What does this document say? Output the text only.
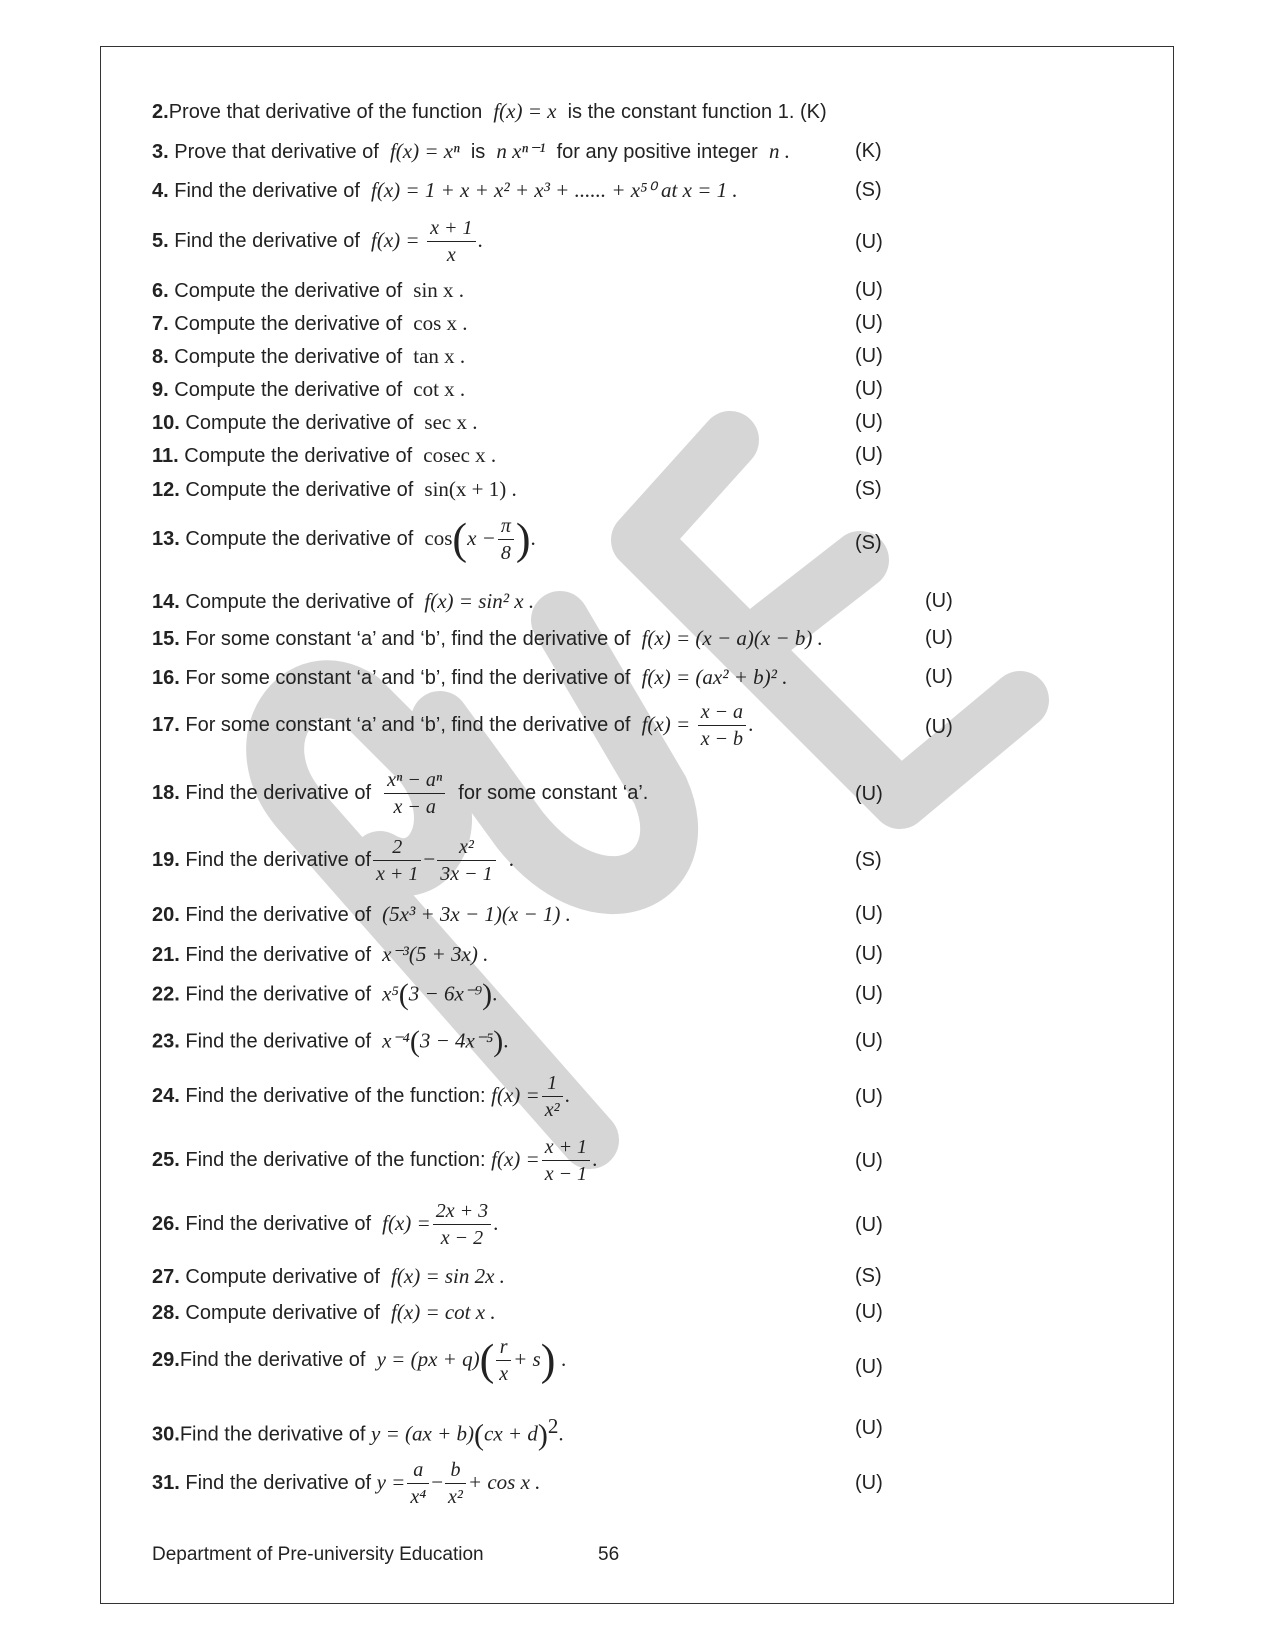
2.Prove that derivative of the function f(x) = x is the constant function 1. (K)
3. Prove that derivative of f(x) = xⁿ is n xⁿ⁻¹ for any positive integer n .	(K)
4. Find the derivative of f(x) = 1 + x + x² + x³ + ...... + x⁵⁰ at x = 1 .	(S)
5. Find the derivative of $f(x) = \frac{x + 1}{x}$ .	(U)
6. Compute the derivative of sin x .	(U)
7. Compute the derivative of cos x .	(U)
8. Compute the derivative of tan x .	(U)
9. Compute the derivative of cot x .	(U)
10. Compute the derivative of sec x .	(U)
11. Compute the derivative of cosec x .	(U)
12. Compute the derivative of sin(x + 1) .	(S)
13. Compute the derivative of $\cos(x - \frac{\pi}{8}$ ).	(S)
14. Compute the derivative of f(x) = sin² x .	(U)
15. For some constant ‘a’ and ‘b’, find the derivative of f(x) = (x − a)(x − b) .	(U)
16. For some constant ‘a’ and ‘b’, find the derivative of f(x) = (ax² + b)² .	(U)
17. For some constant ‘a’ and ‘b’, find the derivative of $f(x) = \frac{x - a}{x - b}$ .	(U)
18. Find the derivative of $\frac{\text{xⁿ − aⁿ}}{x - a}$ for some constant ‘a’.	(U)
19. Find the derivative of $\frac{2}{x + 1} - \frac{\text{x²}}{3x - 1}$ .	(S)
20. Find the derivative of (5x³ + 3x − 1)(x − 1) .	(U)
21. Find the derivative of x⁻³(5 + 3x) .	(U)
22. Find the derivative of x⁵(3 − 6x⁻⁹).	(U)
23. Find the derivative of x⁻⁴(3 − 4x⁻⁵).	(U)
24. Find the derivative of the function: $f(x) = \frac{1}{\text{x²}}$ .	(U)
25. Find the derivative of the function: $f(x) = \frac{x + 1}{x - 1}$ .	(U)
26. Find the derivative of $f(x) = \frac{2x + 3}{x - 2}$ .	(U)
27. Compute derivative of f(x) = sin 2x .	(S)
28. Compute derivative of f(x) = cot x .	(U)
29.Find the derivative of $y = (px + q)( \frac{r}{x} + s)$ .	(U)
30.Find the derivative of y = (ax + b)(cx + d)$^2$.	(U)
31. Find the derivative of $y = \frac{a}{\text{x⁴}} - \frac{b}{\text{x²}} + \cos x$ .	(U)
Department of Pre-university Education	56
